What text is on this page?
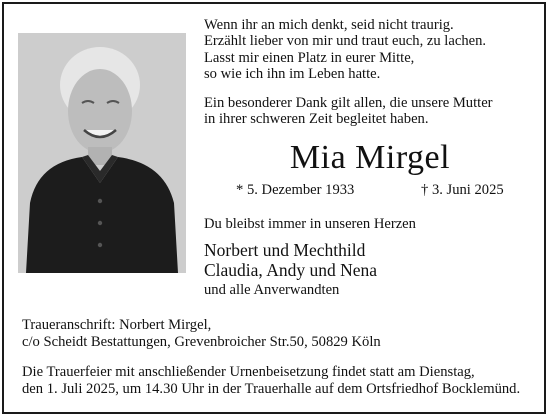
Wenn ihr an mich denkt, seid nicht traurig.
Erzählt lieber von mir und traut euch, zu lachen.
Lasst mir einen Platz in eurer Mitte,
so wie ich ihn im Leben hatte.
Ein besonderer Dank gilt allen, die unsere Mutter
in ihrer schweren Zeit begleitet haben.
Mia Mirgel
* 5. Dezember 1933	† 3. Juni 2025
Du bleibst immer in unseren Herzen
Norbert und Mechthild
Claudia, Andy und Nena
und alle Anverwandten
Traueranschrift: Norbert Mirgel,
c/o Scheidt Bestattungen, Grevenbroicher Str.50, 50829 Köln
Die Trauerfeier mit anschließender Urnenbeisetzung findet statt am Dienstag,
den 1. Juli 2025, um 14.30 Uhr in der Trauerhalle auf dem Ortsfriedhof Bocklemünd.
